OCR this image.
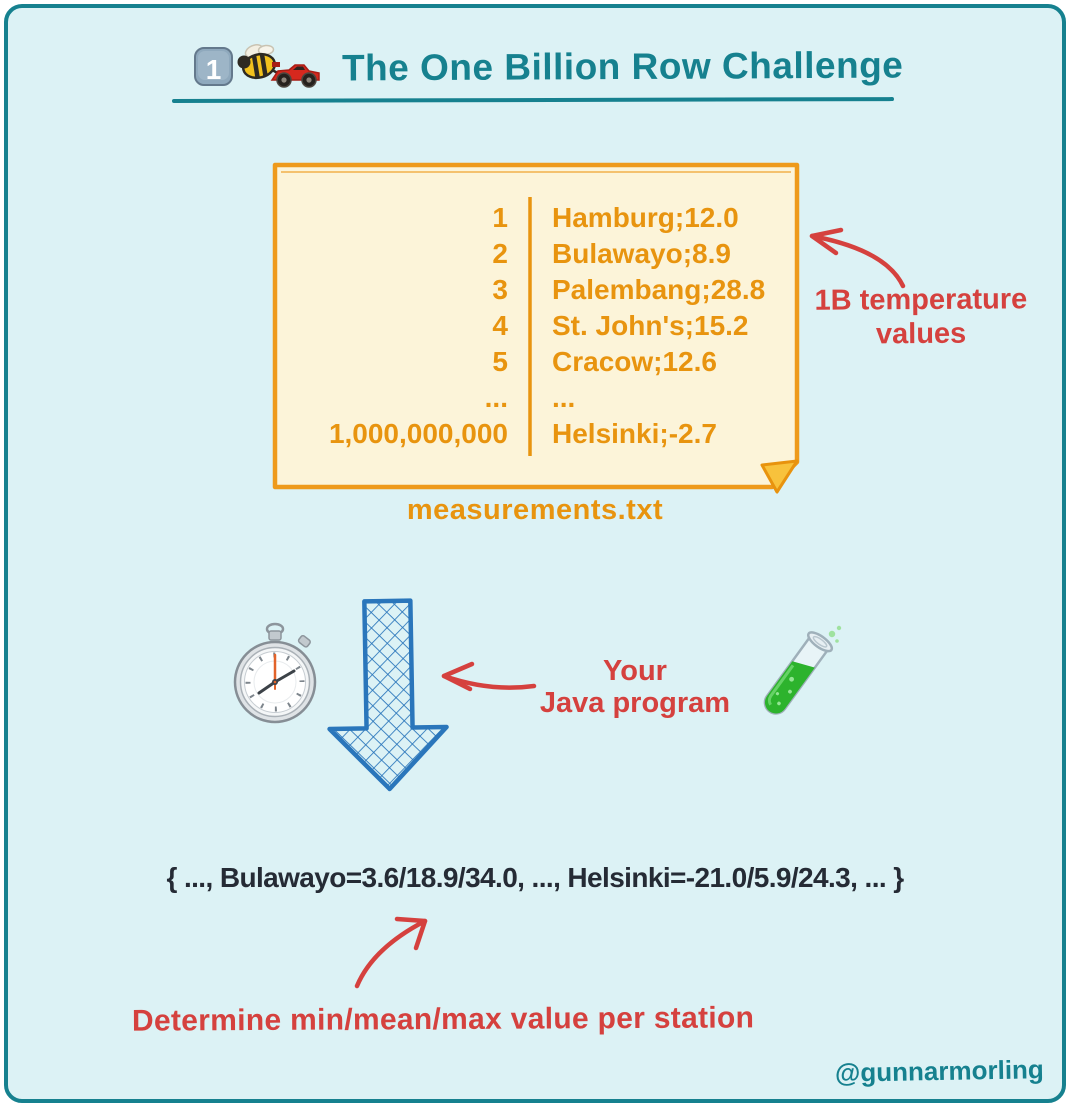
1	The One Billion Row Challenge
1 Hamburg;12.0
2 Bulawayo;8.9
3 Palembang;28.8
4 St. John's;15.2
5 Cracow;12.6
... ...
1,000,000,000 Helsinki;-2.7
measurements.txt
1B temperature values
Your
Java program
{ ..., Bulawayo=3.6/18.9/34.0, ..., Helsinki=-21.0/5.9/24.3, ... }
Determine min/mean/max value per station
@gunnarmorling
